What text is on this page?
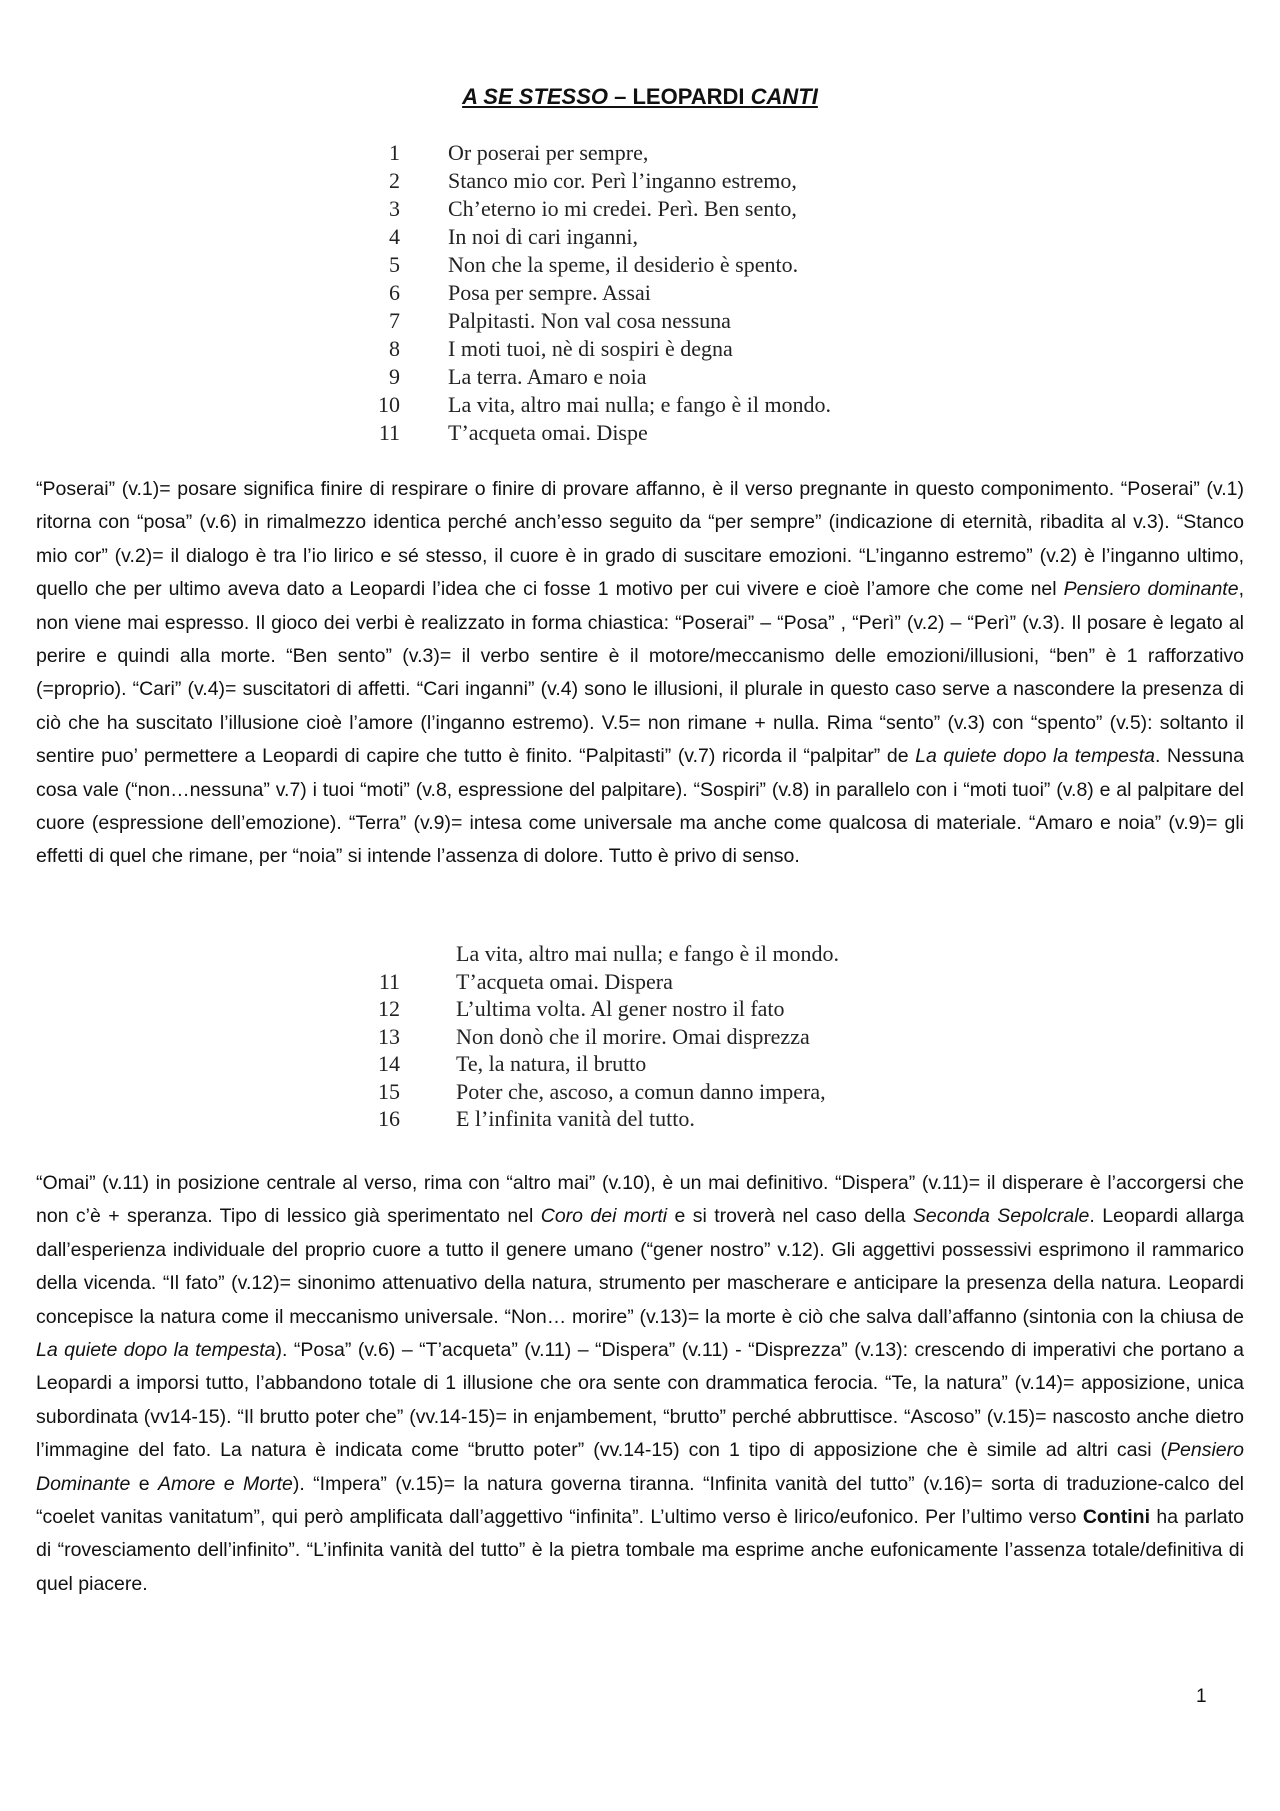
A SE STESSO – LEOPARDI CANTI
1 Or poserai per sempre,
2 Stanco mio cor. Perì l’inganno estremo,
3 Ch’eterno io mi credei. Perì. Ben sento,
4 In noi di cari inganni,
5 Non che la speme, il desiderio è spento.
6 Posa per sempre. Assai
7 Palpitasti. Non val cosa nessuna
8 I moti tuoi, nè di sospiri è degna
9 La terra. Amaro e noia
10 La vita, altro mai nulla; e fango è il mondo.
11 T’acqueta omai. Dispe
“Poserai” (v.1)= posare significa finire di respirare o finire di provare affanno, è il verso pregnante in questo componimento. “Poserai” (v.1) ritorna con “posa” (v.6) in rimalmezzo identica perché anch’esso seguito da “per sempre” (indicazione di eternità, ribadita al v.3). “Stanco mio cor” (v.2)= il dialogo è tra l’io lirico e sé stesso, il cuore è in grado di suscitare emozioni. “L’inganno estremo” (v.2) è l’inganno ultimo, quello che per ultimo aveva dato a Leopardi l’idea che ci fosse 1 motivo per cui vivere e cioè l’amore che come nel Pensiero dominante, non viene mai espresso. Il gioco dei verbi è realizzato in forma chiastica: “Poserai” – “Posa” , “Perì” (v.2) – “Perì” (v.3). Il posare è legato al perire e quindi alla morte. “Ben sento” (v.3)= il verbo sentire è il motore/meccanismo delle emozioni/illusioni, “ben” è 1 rafforzativo (=proprio). “Cari” (v.4)= suscitatori di affetti. “Cari inganni” (v.4) sono le illusioni, il plurale in questo caso serve a nascondere la presenza di ciò che ha suscitato l’illusione cioè l’amore (l’inganno estremo). V.5= non rimane + nulla. Rima “sento” (v.3) con “spento” (v.5): soltanto il sentire puo’ permettere a Leopardi di capire che tutto è finito. “Palpitasti” (v.7) ricorda il “palpitar” de La quiete dopo la tempesta. Nessuna cosa vale (“non…nessuna” v.7) i tuoi “moti” (v.8, espressione del palpitare). “Sospiri” (v.8) in parallelo con i “moti tuoi” (v.8) e al palpitare del cuore (espressione dell’emozione). “Terra” (v.9)= intesa come universale ma anche come qualcosa di materiale. “Amaro e noia” (v.9)= gli effetti di quel che rimane, per “noia” si intende l’assenza di dolore. Tutto è privo di senso.
La vita, altro mai nulla; e fango è il mondo.
11	T’acqueta omai. Dispera
12	L’ultima volta. Al gener nostro il fato
13	Non donò che il morire. Omai disprezza
14	Te, la natura, il brutto
15	Poter che, ascoso, a comun danno impera,
16	E l’infinita vanità del tutto.
“Omai” (v.11) in posizione centrale al verso, rima con “altro mai” (v.10), è un mai definitivo. “Dispera” (v.11)= il disperare è l’accorgersi che non c’è + speranza. Tipo di lessico già sperimentato nel Coro dei morti e si troverà nel caso della Seconda Sepolcrale. Leopardi allarga dall’esperienza individuale del proprio cuore a tutto il genere umano (“gener nostro” v.12). Gli aggettivi possessivi esprimono il rammarico della vicenda. “Il fato” (v.12)= sinonimo attenuativo della natura, strumento per mascherare e anticipare la presenza della natura. Leopardi concepisce la natura come il meccanismo universale. “Non… morire” (v.13)= la morte è ciò che salva dall’affanno (sintonia con la chiusa de La quiete dopo la tempesta). “Posa” (v.6) – “T’acqueta” (v.11) – “Dispera” (v.11) - “Disprezza” (v.13): crescendo di imperativi che portano a Leopardi a imporsi tutto, l’abbandono totale di 1 illusione che ora sente con drammatica ferocia. “Te, la natura” (v.14)= apposizione, unica subordinata (vv14-15). “Il brutto poter che” (vv.14-15)= in enjambement, “brutto” perché abbruttisce. “Ascoso” (v.15)= nascosto anche dietro l’immagine del fato. La natura è indicata come “brutto poter” (vv.14-15) con 1 tipo di apposizione che è simile ad altri casi (Pensiero Dominante e Amore e Morte). “Impera” (v.15)= la natura governa tiranna. “Infinita vanità del tutto” (v.16)= sorta di traduzione-calco del “coelet vanitas vanitatum”, qui però amplificata dall’aggettivo “infinita”. L’ultimo verso è lirico/eufonico. Per l’ultimo verso Contini ha parlato di “rovesciamento dell’infinito”. “L’infinita vanità del tutto” è la pietra tombale ma esprime anche eufonicamente l’assenza totale/definitiva di quel piacere.
1
